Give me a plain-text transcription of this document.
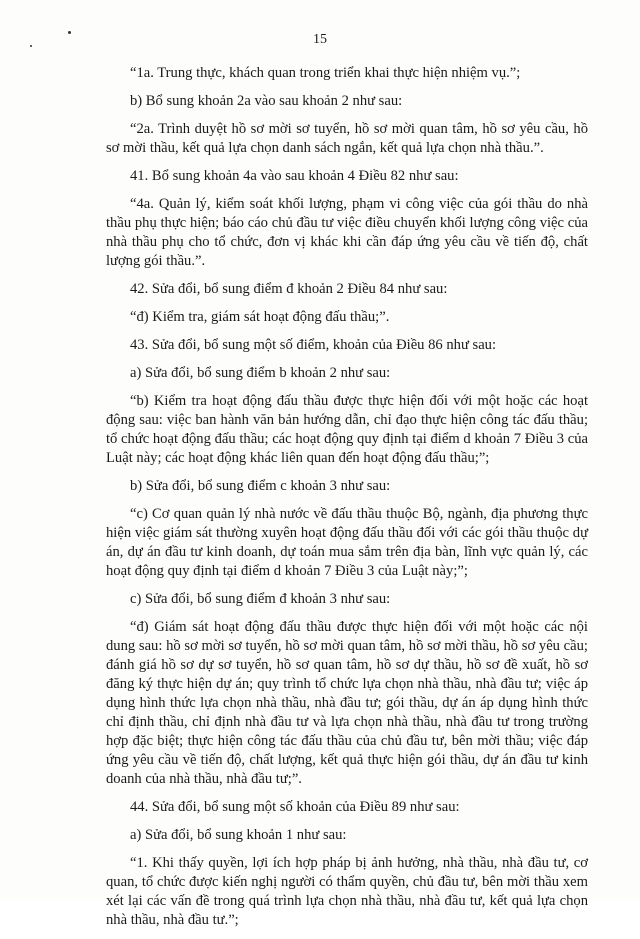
15

“1a. Trung thực, khách quan trong triển khai thực hiện nhiệm vụ.”;

b) Bổ sung khoản 2a vào sau khoản 2 như sau:

“2a. Trình duyệt hồ sơ mời sơ tuyển, hồ sơ mời quan tâm, hồ sơ yêu cầu, hồ sơ mời thầu, kết quả lựa chọn danh sách ngắn, kết quả lựa chọn nhà thầu.”.

41. Bổ sung khoản 4a vào sau khoản 4 Điều 82 như sau:

“4a. Quản lý, kiểm soát khối lượng, phạm vi công việc của gói thầu do nhà thầu phụ thực hiện; báo cáo chủ đầu tư việc điều chuyển khối lượng công việc của nhà thầu phụ cho tổ chức, đơn vị khác khi cần đáp ứng yêu cầu về tiến độ, chất lượng gói thầu.”.

42. Sửa đổi, bổ sung điểm đ khoản 2 Điều 84 như sau:

“đ) Kiểm tra, giám sát hoạt động đấu thầu;”.

43. Sửa đổi, bổ sung một số điểm, khoản của Điều 86 như sau:

a) Sửa đổi, bổ sung điểm b khoản 2 như sau:

“b) Kiểm tra hoạt động đấu thầu được thực hiện đối với một hoặc các hoạt động sau: việc ban hành văn bản hướng dẫn, chỉ đạo thực hiện công tác đấu thầu; tổ chức hoạt động đấu thầu; các hoạt động quy định tại điểm d khoản 7 Điều 3 của Luật này; các hoạt động khác liên quan đến hoạt động đấu thầu;”;

b) Sửa đổi, bổ sung điểm c khoản 3 như sau:

“c) Cơ quan quản lý nhà nước về đấu thầu thuộc Bộ, ngành, địa phương thực hiện việc giám sát thường xuyên hoạt động đấu thầu đối với các gói thầu thuộc dự án, dự án đầu tư kinh doanh, dự toán mua sắm trên địa bàn, lĩnh vực quản lý, các hoạt động quy định tại điểm d khoản 7 Điều 3 của Luật này;”;

c) Sửa đổi, bổ sung điểm đ khoản 3 như sau:

“đ) Giám sát hoạt động đấu thầu được thực hiện đối với một hoặc các nội dung sau: hồ sơ mời sơ tuyển, hồ sơ mời quan tâm, hồ sơ mời thầu, hồ sơ yêu cầu; đánh giá hồ sơ dự sơ tuyển, hồ sơ quan tâm, hồ sơ dự thầu, hồ sơ đề xuất, hồ sơ đăng ký thực hiện dự án; quy trình tổ chức lựa chọn nhà thầu, nhà đầu tư; việc áp dụng hình thức lựa chọn nhà thầu, nhà đầu tư; gói thầu, dự án áp dụng hình thức chỉ định thầu, chỉ định nhà đầu tư và lựa chọn nhà thầu, nhà đầu tư trong trường hợp đặc biệt; thực hiện công tác đấu thầu của chủ đầu tư, bên mời thầu; việc đáp ứng yêu cầu về tiến độ, chất lượng, kết quả thực hiện gói thầu, dự án đầu tư kinh doanh của nhà thầu, nhà đầu tư;”.

44. Sửa đổi, bổ sung một số khoản của Điều 89 như sau:

a) Sửa đổi, bổ sung khoản 1 như sau:

“1. Khi thấy quyền, lợi ích hợp pháp bị ảnh hưởng, nhà thầu, nhà đầu tư, cơ quan, tổ chức được kiến nghị người có thẩm quyền, chủ đầu tư, bên mời thầu xem xét lại các vấn đề trong quá trình lựa chọn nhà thầu, nhà đầu tư, kết quả lựa chọn nhà thầu, nhà đầu tư.”;
